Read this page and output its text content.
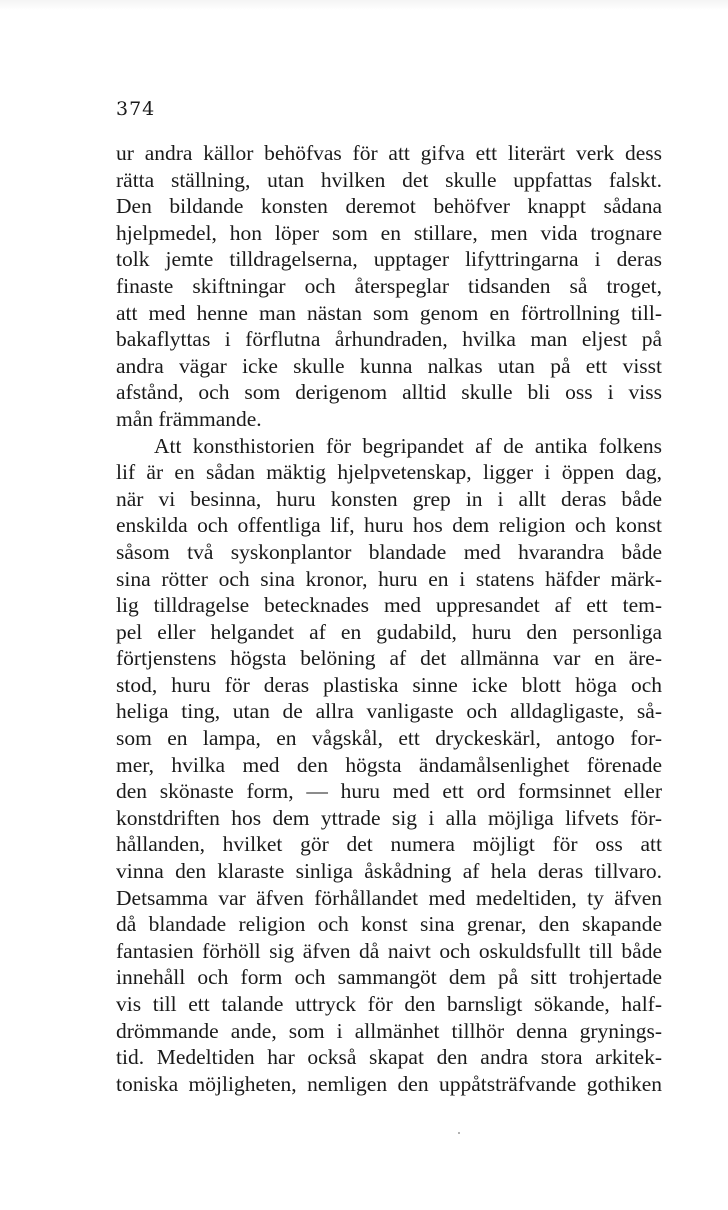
374
ur andra källor behöfvas för att gifva ett literärt verk dess
rätta ställning, utan hvilken det skulle uppfattas falskt.
Den bildande konsten deremot behöfver knappt sådana
hjelpmedel, hon löper som en stillare, men vida trognare
tolk jemte tilldragelserna, upptager lifyttringarna i deras
finaste skiftningar och återspeglar tidsanden så troget,
att med henne man nästan som genom en förtrollning till-
bakaflyttas i förflutna århundraden, hvilka man eljest på
andra vägar icke skulle kunna nalkas utan på ett visst
afstånd, och som derigenom alltid skulle bli oss i viss
mån främmande.
Att konsthistorien för begripandet af de antika folkens
lif är en sådan mäktig hjelpvetenskap, ligger i öppen dag,
när vi besinna, huru konsten grep in i allt deras både
enskilda och offentliga lif, huru hos dem religion och konst
såsom två syskonplantor blandade med hvarandra både
sina rötter och sina kronor, huru en i statens häfder märk-
lig tilldragelse betecknades med uppresandet af ett tem-
pel eller helgandet af en gudabild, huru den personliga
förtjenstens högsta belöning af det allmänna var en äre-
stod, huru för deras plastiska sinne icke blott höga och
heliga ting, utan de allra vanligaste och alldagligaste, så-
som en lampa, en vågskål, ett dryckeskärl, antogo for-
mer, hvilka med den högsta ändamålsenlighet förenade
den skönaste form, — huru med ett ord formsinnet eller
konstdriften hos dem yttrade sig i alla möjliga lifvets för-
hållanden, hvilket gör det numera möjligt för oss att
vinna den klaraste sinliga åskådning af hela deras tillvaro.
Detsamma var äfven förhållandet med medeltiden, ty äfven
då blandade religion och konst sina grenar, den skapande
fantasien förhöll sig äfven då naivt och oskuldsfullt till både
innehåll och form och sammangöt dem på sitt trohjertade
vis till ett talande uttryck för den barnsligt sökande, half-
drömmande ande, som i allmänhet tillhör denna grynings-
tid. Medeltiden har också skapat den andra stora arkitek-
toniska möjligheten, nemligen den uppåtsträfvande gothiken
